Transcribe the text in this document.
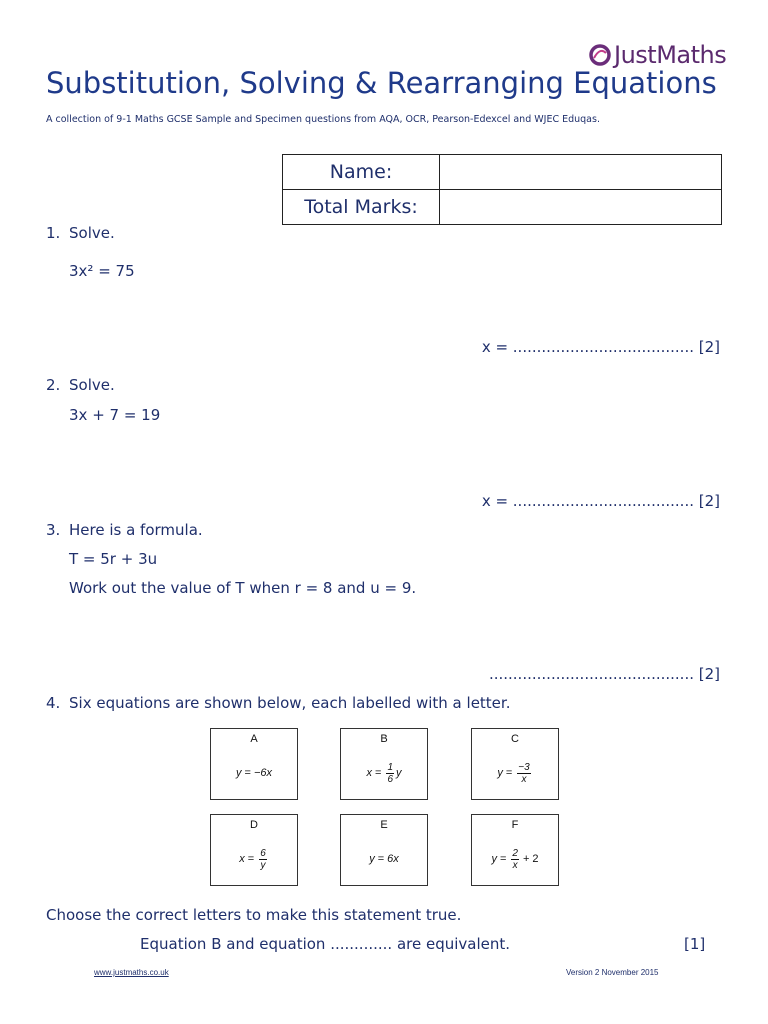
JustMaths
Substitution, Solving & Rearranging Equations
A collection of 9-1 Maths GCSE Sample and Specimen questions from AQA, OCR, Pearson-Edexcel and WJEC Eduqas.
Name:	
Total Marks:	
1. Solve.
3x² = 75
x = ...................................... [2]
2. Solve.
3x + 7 = 19
x = ...................................... [2]
3. Here is a formula.
T = 5r + 3u
Work out the value of T when r = 8 and u = 9.
........................................... [2]
4. Six equations are shown below, each labelled with a letter.
A
y = −6x
B
$x = \frac{1}{6}$ y
C
$y = \frac{-3}{x}$
D
$x = \frac{6}{y}$
E
y = 6x
F
$y = \frac{2}{x} + 2$
Choose the correct letters to make this statement true.
Equation B and equation ............. are equivalent.	[1]
www.justmaths.co.uk	Version 2 November 2015
